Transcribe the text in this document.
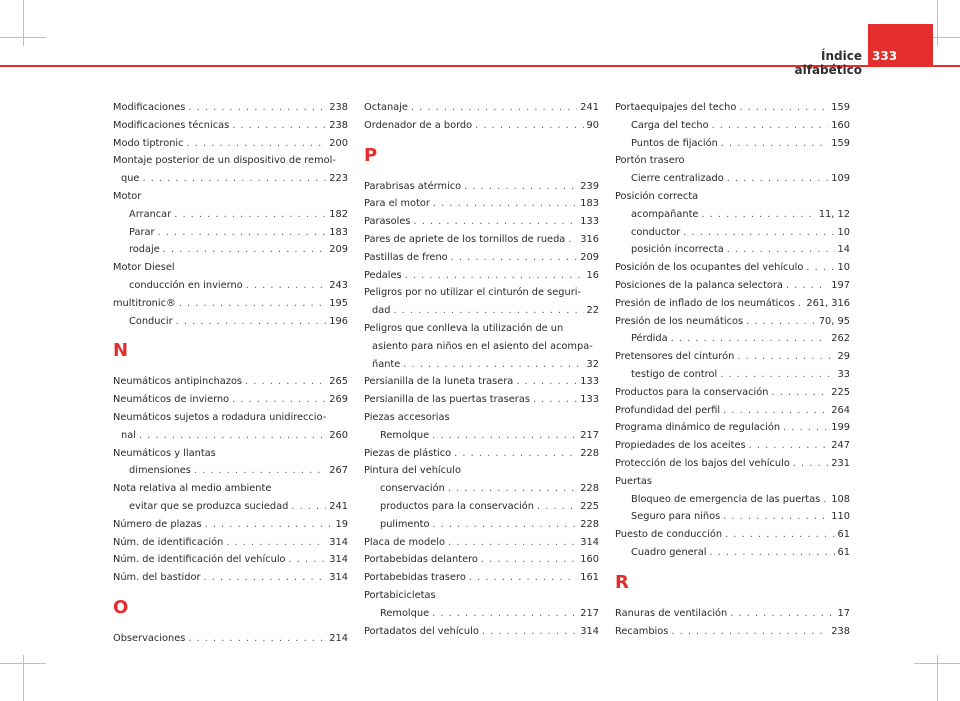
Índice alfabético
333
Modificaciones . . .	238
Modificaciones técnicas . . .	238
Modo tiptronic . . .	200
Montaje posterior de un dispositivo de remol-
que . . .	223
Motor
Arrancar . . .	182
Parar . . .	183
rodaje . . .	209
Motor Diesel
conducción en invierno . . .	243
multitronic® . . .	195
Conducir . . .	196
N
Neumáticos antipinchazos . . .	265
Neumáticos de invierno . . .	269
Neumáticos sujetos a rodadura unidireccio-
nal . . .	260
Neumáticos y llantas
dimensiones . . .	267
Nota relativa al medio ambiente
evitar que se produzca suciedad . . .	241
Número de plazas . . .	19
Núm. de identificación . . .	314
Núm. de identificación del vehículo . . .	314
Núm. del bastidor . . .	314
O
Observaciones . . .	214
Octanaje . . .	241
Ordenador de a bordo . . .	90
P
Parabrisas atérmico . . .	239
Para el motor . . .	183
Parasoles . . .	133
Pares de apriete de los tornillos de rueda . . . 316
Pastillas de freno . . .	209
Pedales . . .	16
Peligros por no utilizar el cinturón de seguri-
dad . . .	22
Peligros que conlleva la utilización de un
asiento para niños en el asiento del acompa-
ñante . . .	32
Persianilla de la luneta trasera . . .	133
Persianilla de las puertas traseras . . .	133
Piezas accesorias
Remolque . . .	217
Piezas de plástico . . .	228
Pintura del vehículo
conservación . . .	228
productos para la conservación . . .	225
pulimento . . .	228
Placa de modelo . . .	314
Portabebidas delantero . . .	160
Portabebidas trasero . . .	161
Portabicicletas
Remolque . . .	217
Portadatos del vehículo . . .	314
Portaequipajes del techo . . .	159
Carga del techo . . .	160
Puntos de fijación . . .	159
Portón trasero
Cierre centralizado . . .	109
Posición correcta
acompañante . . .	11, 12
conductor . . .	10
posición incorrecta . . .	14
Posición de los ocupantes del vehículo . . .	10
Posiciones de la palanca selectora . . .	197
Presión de inflado de los neumáticos . . . 261, 316
Presión de los neumáticos . . .	70, 95
Pérdida . . .	262
Pretensores del cinturón . . .	29
testigo de control . . .	33
Productos para la conservación . . .	225
Profundidad del perfil . . .	264
Programa dinámico de regulación . . .	199
Propiedades de los aceites . . .	247
Protección de los bajos del vehículo . . .	231
Puertas
Bloqueo de emergencia de las puertas . . . 108
Seguro para niños . . .	110
Puesto de conducción . . .	61
Cuadro general . . .	61
R
Ranuras de ventilación . . .	17
Recambios . . .	238
